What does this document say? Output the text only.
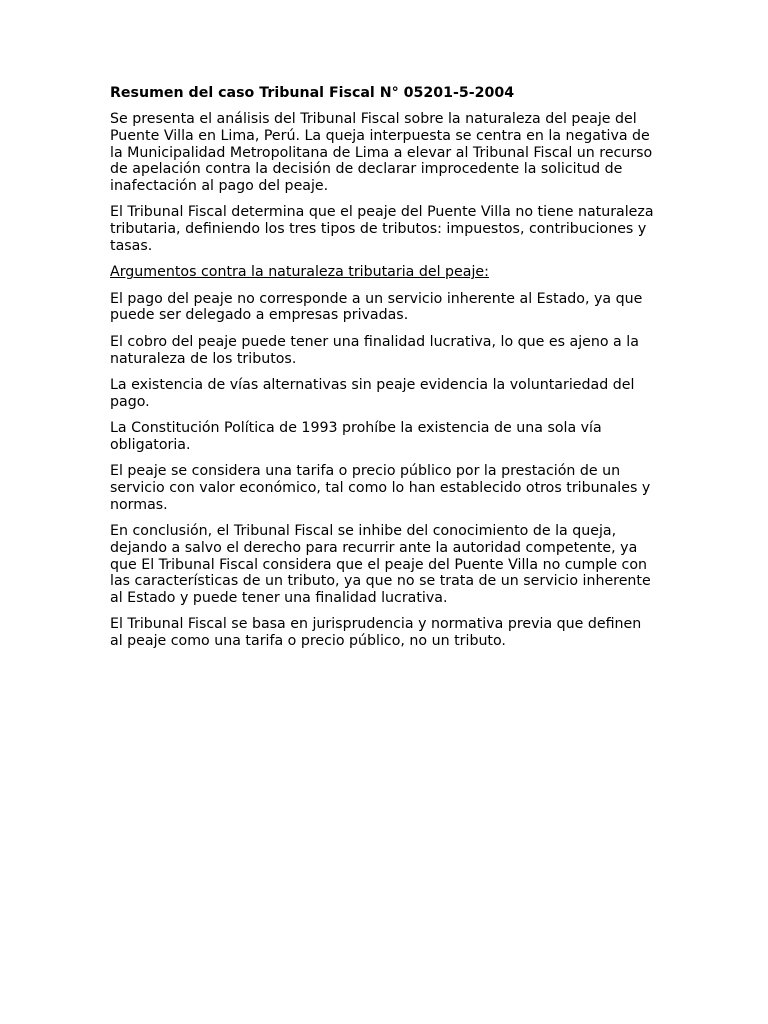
Resumen del caso Tribunal Fiscal N° 05201-5-2004

Se presenta el análisis del Tribunal Fiscal sobre la naturaleza del peaje del Puente Villa en Lima, Perú. La queja interpuesta se centra en la negativa de la Municipalidad Metropolitana de Lima a elevar al Tribunal Fiscal un recurso de apelación contra la decisión de declarar improcedente la solicitud de inafectación al pago del peaje.

El Tribunal Fiscal determina que el peaje del Puente Villa no tiene naturaleza tributaria, definiendo los tres tipos de tributos: impuestos, contribuciones y tasas.

Argumentos contra la naturaleza tributaria del peaje:

El pago del peaje no corresponde a un servicio inherente al Estado, ya que puede ser delegado a empresas privadas.

El cobro del peaje puede tener una finalidad lucrativa, lo que es ajeno a la naturaleza de los tributos.

La existencia de vías alternativas sin peaje evidencia la voluntariedad del pago.

La Constitución Política de 1993 prohíbe la existencia de una sola vía obligatoria.

El peaje se considera una tarifa o precio público por la prestación de un servicio con valor económico, tal como lo han establecido otros tribunales y normas.

En conclusión, el Tribunal Fiscal se inhibe del conocimiento de la queja, dejando a salvo el derecho para recurrir ante la autoridad competente, ya que El Tribunal Fiscal considera que el peaje del Puente Villa no cumple con las características de un tributo, ya que no se trata de un servicio inherente al Estado y puede tener una finalidad lucrativa.

El Tribunal Fiscal se basa en jurisprudencia y normativa previa que definen al peaje como una tarifa o precio público, no un tributo.
